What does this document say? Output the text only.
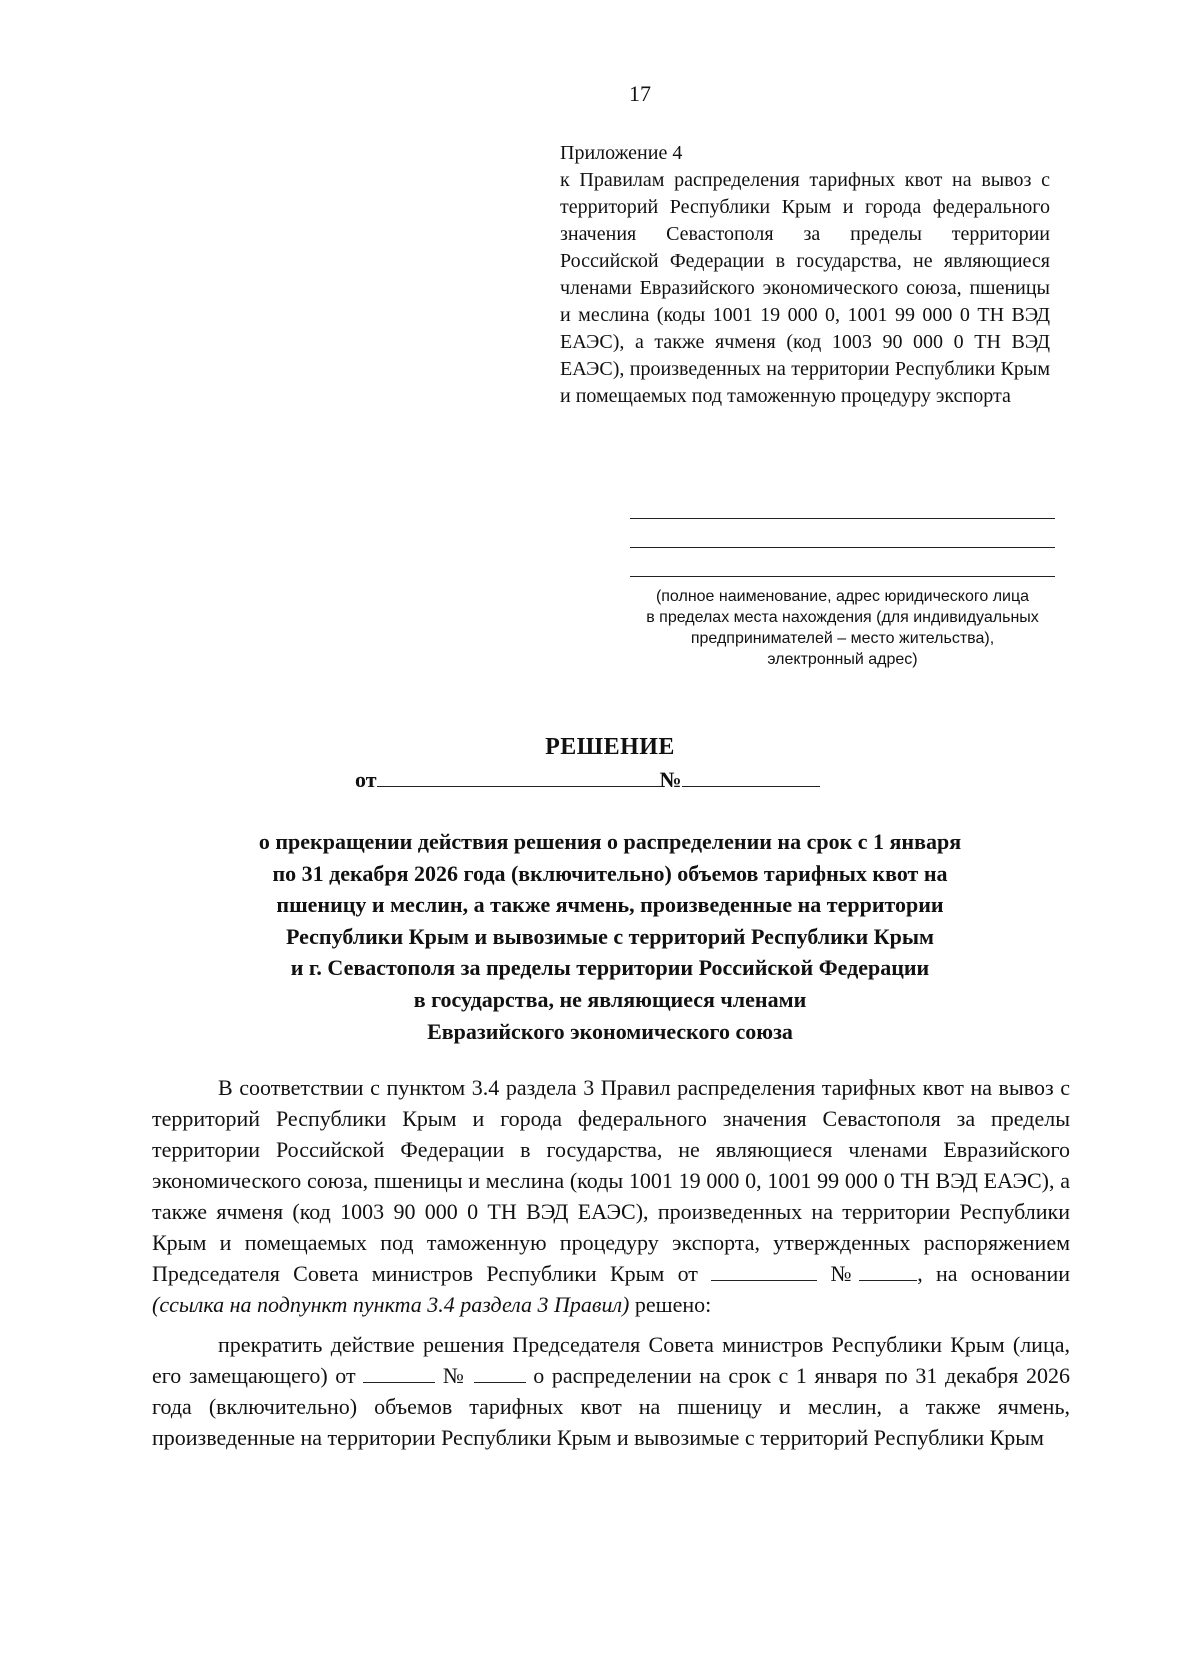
17

Приложение 4

к Правилам распределения тарифных квот на вывоз с территорий Республики Крым и города федерального значения Севастополя за пределы территории Российской Федерации в государства, не являющиеся членами Евразийского экономического союза, пшеницы и меслина (коды 1001 19 000 0, 1001 99 000 0 ТН ВЭД ЕАЭС), а также ячменя (код 1003 90 000 0 ТН ВЭД ЕАЭС), произведенных на территории Республики Крым и помещаемых под таможенную процедуру экспорта

(полное наименование, адрес юридического лица
в пределах места нахождения (для индивидуальных
предпринимателей – место жительства),
электронный адрес)

РЕШЕНИЕ
от	№

о прекращении действия решения о распределении на срок с 1 января

по 31 декабря 2026 года (включительно) объемов тарифных квот на

пшеницу и меслин, а также ячмень, произведенные на территории

Республики Крым и вывозимые с территорий Республики Крым

и г. Севастополя за пределы территории Российской Федерации

в государства, не являющиеся членами

Евразийского экономического союза

В соответствии с пунктом 3.4 раздела 3 Правил распределения тарифных квот на вывоз с территорий Республики Крым и города федерального значения Севастополя за пределы территории Российской Федерации в государства, не являющиеся членами Евразийского экономического союза, пшеницы и меслина (коды 1001 19 000 0, 1001 99 000 0 ТН ВЭД ЕАЭС), а также ячменя (код 1003 90 000 0 ТН ВЭД ЕАЭС), произведенных на территории Республики Крым и помещаемых под таможенную процедуру экспорта, утвержденных распоряжением Председателя Совета министров Республики Крым от	№	, на основании (ссылка на подпункт пункта 3.4 раздела 3 Правил) решено:

прекратить действие решения Председателя Совета министров Республики Крым (лица, его замещающего) от	№	о распределении на срок с 1 января по 31 декабря 2026 года (включительно) объемов тарифных квот на пшеницу и меслин, а также ячмень, произведенные на территории Республики Крым и вывозимые с территорий Республики Крым
